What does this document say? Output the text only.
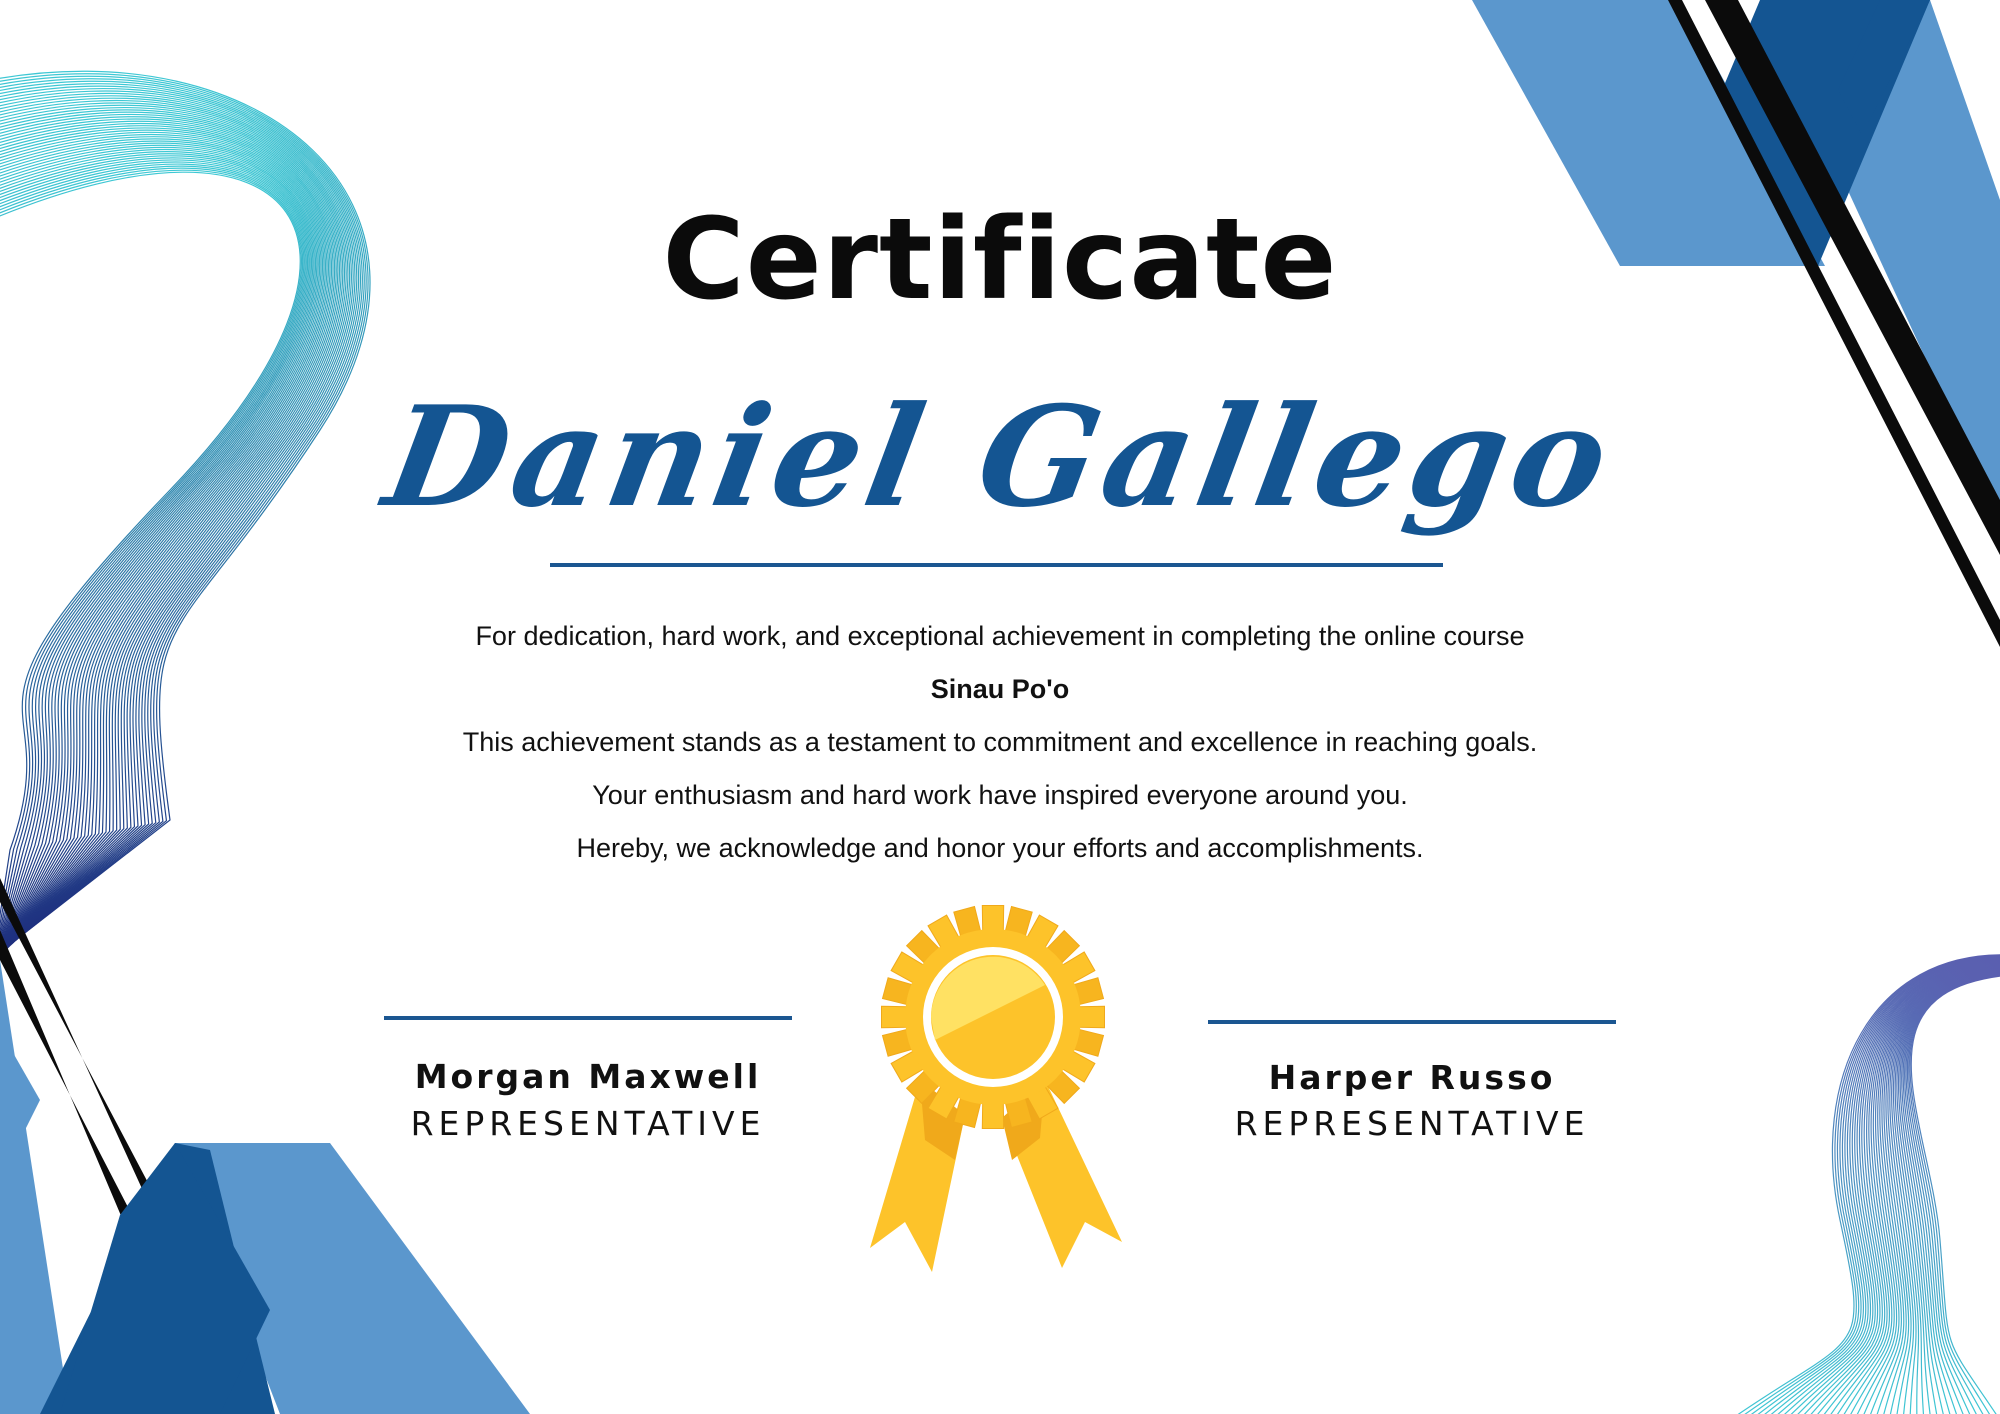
Certificate
Daniel Gallego
For dedication, hard work, and exceptional achievement in completing the online course
Sinau Po'o
This achievement stands as a testament to commitment and excellence in reaching goals.
Your enthusiasm and hard work have inspired everyone around you.
Hereby, we acknowledge and honor your efforts and accomplishments.
Morgan Maxwell
REPRESENTATIVE
Harper Russo
REPRESENTATIVE
